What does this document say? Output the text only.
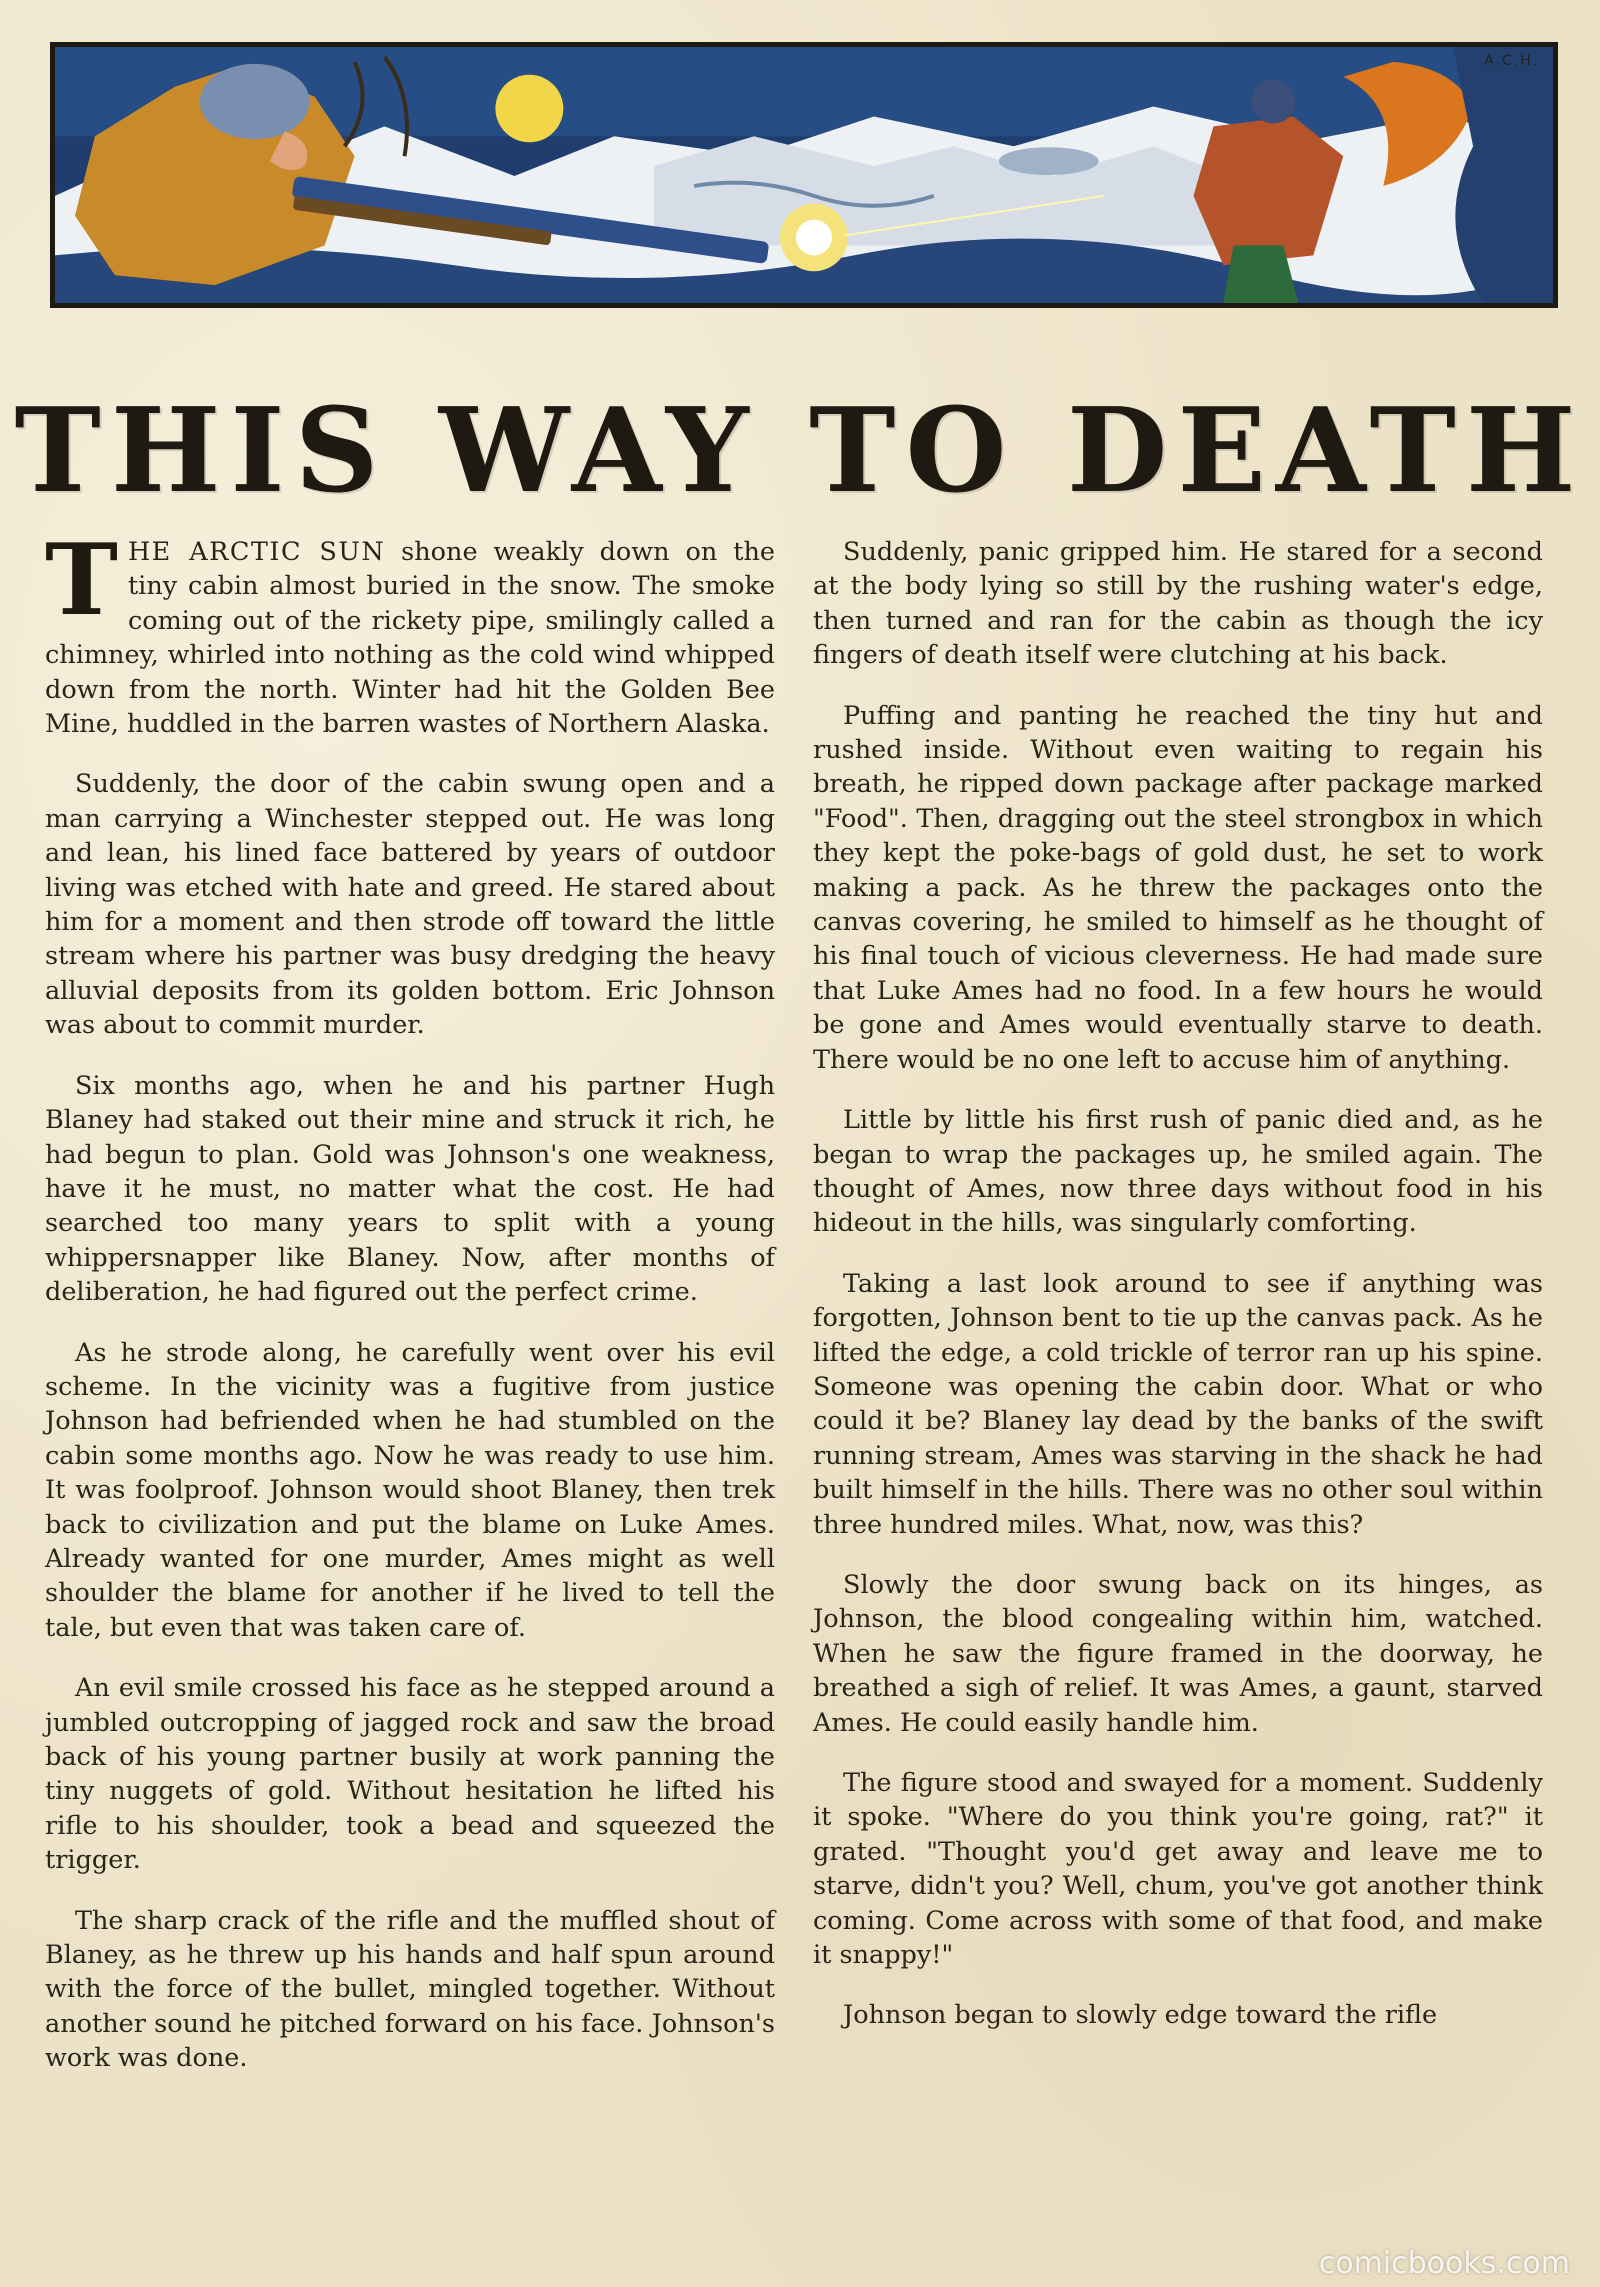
A.C.H.
THIS WAY TO DEATH

THE ARCTIC SUN shone weakly down on the tiny cabin almost buried in the snow. The smoke coming out of the rickety pipe, smilingly called a chimney, whirled into nothing as the cold wind whipped down from the north. Winter had hit the Golden Bee Mine, huddled in the barren wastes of Northern Alaska.

Suddenly, the door of the cabin swung open and a man carrying a Winchester stepped out. He was long and lean, his lined face battered by years of outdoor living was etched with hate and greed. He stared about him for a moment and then strode off toward the little stream where his partner was busy dredging the heavy alluvial deposits from its golden bottom. Eric Johnson was about to commit murder.

Six months ago, when he and his partner Hugh Blaney had staked out their mine and struck it rich, he had begun to plan. Gold was Johnson's one weakness, have it he must, no matter what the cost. He had searched too many years to split with a young whippersnapper like Blaney. Now, after months of deliberation, he had figured out the perfect crime.

As he strode along, he carefully went over his evil scheme. In the vicinity was a fugitive from justice Johnson had befriended when he had stumbled on the cabin some months ago. Now he was ready to use him. It was foolproof. Johnson would shoot Blaney, then trek back to civilization and put the blame on Luke Ames. Already wanted for one murder, Ames might as well shoulder the blame for another if he lived to tell the tale, but even that was taken care of.

An evil smile crossed his face as he stepped around a jumbled outcropping of jagged rock and saw the broad back of his young partner busily at work panning the tiny nuggets of gold. Without hesitation he lifted his rifle to his shoulder, took a bead and squeezed the trigger.

The sharp crack of the rifle and the muffled shout of Blaney, as he threw up his hands and half spun around with the force of the bullet, mingled together. Without another sound he pitched forward on his face. Johnson's work was done.

Suddenly, panic gripped him. He stared for a second at the body lying so still by the rushing water's edge, then turned and ran for the cabin as though the icy fingers of death itself were clutching at his back.

Puffing and panting he reached the tiny hut and rushed inside. Without even waiting to regain his breath, he ripped down package after package marked "Food". Then, dragging out the steel strongbox in which they kept the poke-bags of gold dust, he set to work making a pack. As he threw the packages onto the canvas covering, he smiled to himself as he thought of his final touch of vicious cleverness. He had made sure that Luke Ames had no food. In a few hours he would be gone and Ames would eventually starve to death. There would be no one left to accuse him of anything.

Little by little his first rush of panic died and, as he began to wrap the packages up, he smiled again. The thought of Ames, now three days without food in his hideout in the hills, was singularly comforting.

Taking a last look around to see if anything was forgotten, Johnson bent to tie up the canvas pack. As he lifted the edge, a cold trickle of terror ran up his spine. Someone was opening the cabin door. What or who could it be? Blaney lay dead by the banks of the swift running stream, Ames was starving in the shack he had built himself in the hills. There was no other soul within three hundred miles. What, now, was this?

Slowly the door swung back on its hinges, as Johnson, the blood congealing within him, watched. When he saw the figure framed in the doorway, he breathed a sigh of relief. It was Ames, a gaunt, starved Ames. He could easily handle him.

The figure stood and swayed for a moment. Suddenly it spoke. "Where do you think you're going, rat?" it grated. "Thought you'd get away and leave me to starve, didn't you? Well, chum, you've got another think coming. Come across with some of that food, and make it snappy!"

Johnson began to slowly edge toward the rifle

comicbooks.com
